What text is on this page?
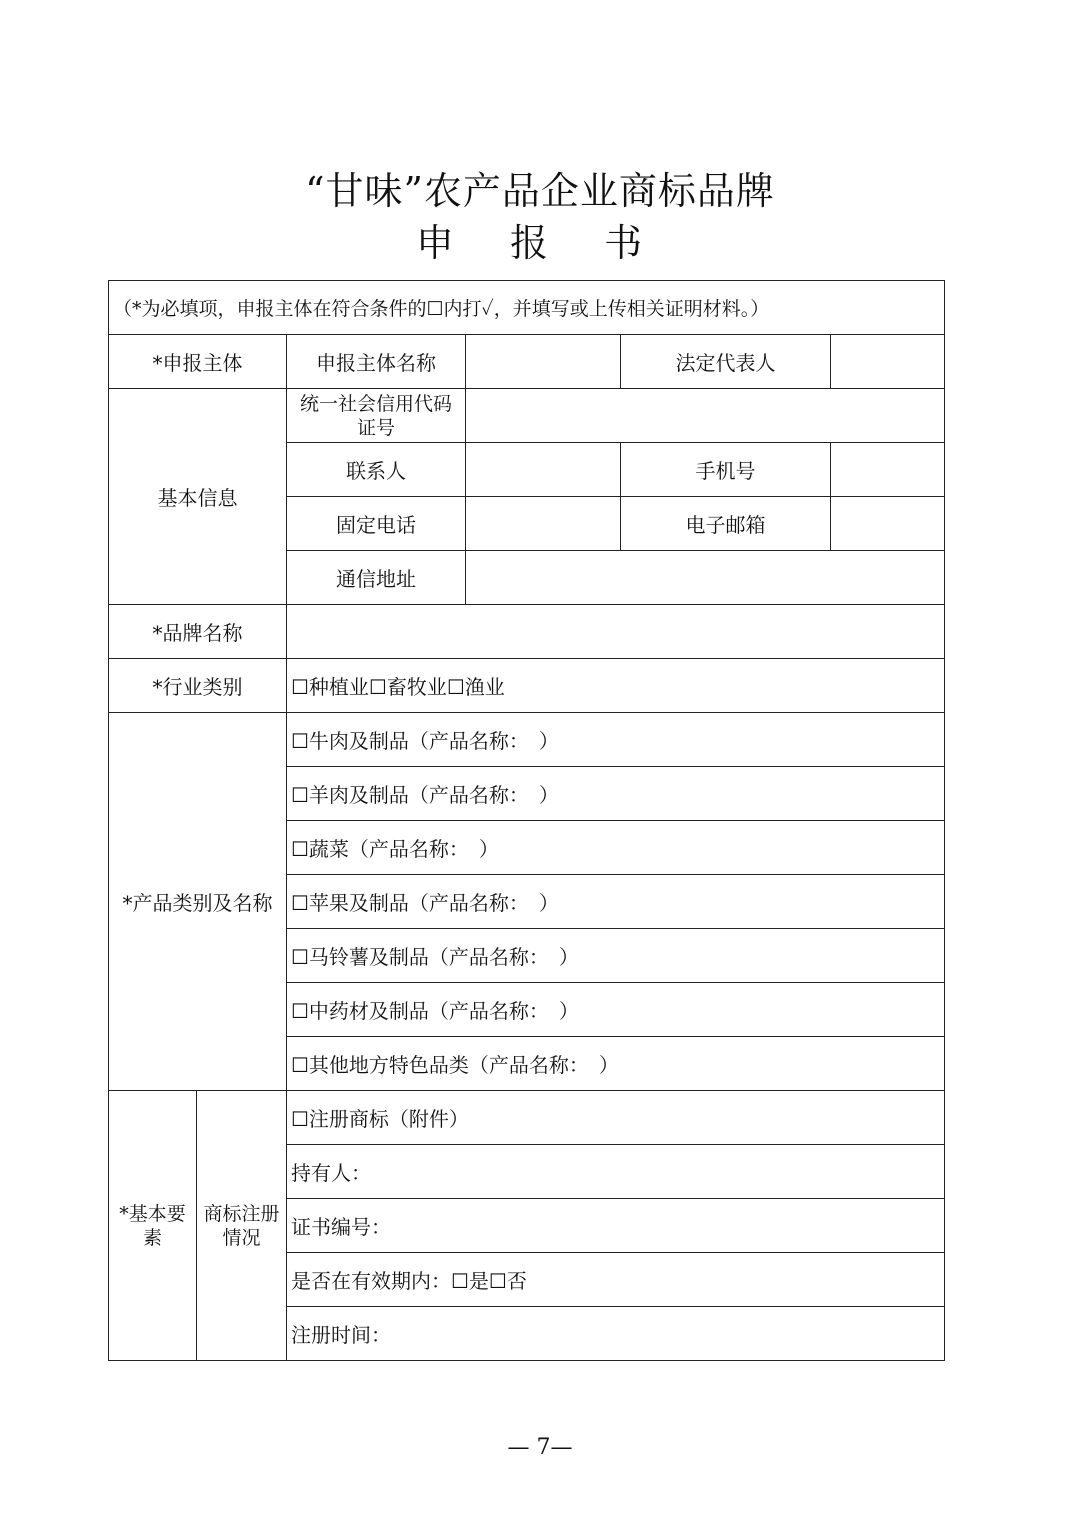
“甘味”农产品企业商标品牌
申 报 书
（*为必填项，申报主体在符合条件的☐内打✓，并填写或上传相关证明材料。）					
*申报主体		申报主体名称		法定代表人	
基本信息		统一社会信用代码证号			
		联系人		手机号	
		固定电话		电子邮箱	
		通信地址			
*品牌名称					
*行业类别		☐种植业☐畜牧业☐渔业			
*产品类别及名称		☐牛肉及制品（产品名称：　）			
		☐羊肉及制品（产品名称：　）			
		☐蔬菜（产品名称：　）			
		☐苹果及制品（产品名称：　）			
		☐马铃薯及制品（产品名称：　）			
		☐中药材及制品（产品名称：　）			
		☐其他地方特色品类（产品名称：　）			
*基本要素	商标注册情况	☐注册商标（附件）			
		持有人：			
		证书编号：			
		是否在有效期内：☐是☐否			
		注册时间：			
— 7—
